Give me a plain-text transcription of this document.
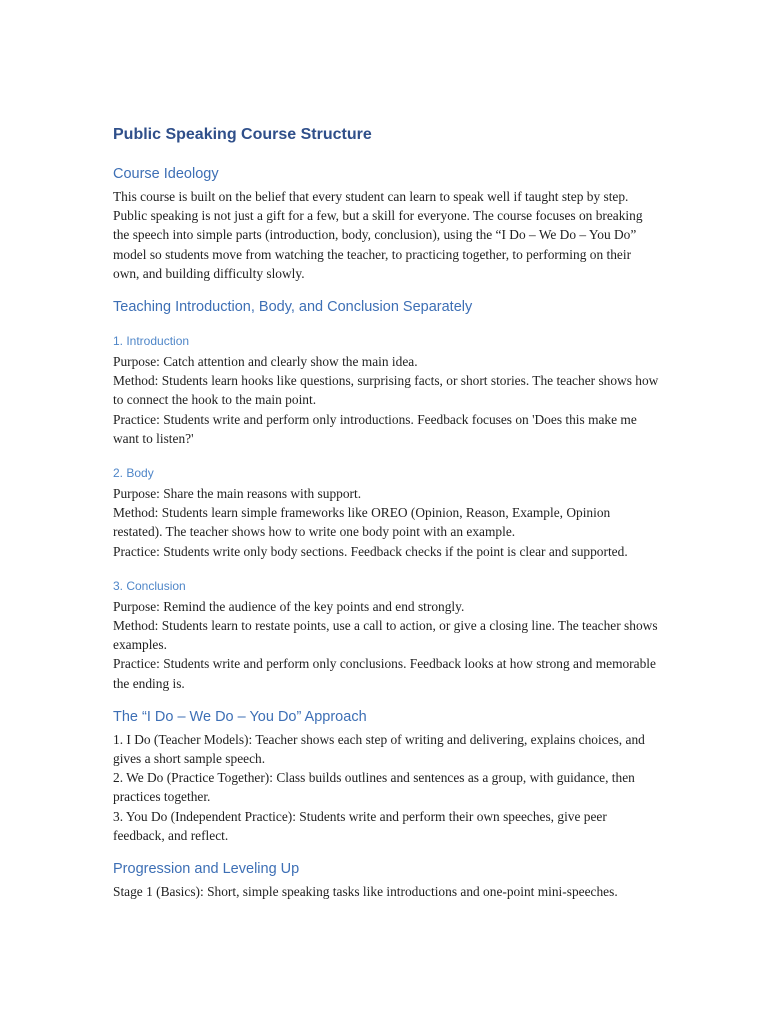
Public Speaking Course Structure
Course Ideology

This course is built on the belief that every student can learn to speak well if taught step by step. Public speaking is not just a gift for a few, but a skill for everyone. The course focuses on breaking the speech into simple parts (introduction, body, conclusion), using the “I Do – We Do – You Do” model so students move from watching the teacher, to practicing together, to performing on their own, and building difficulty slowly.

Teaching Introduction, Body, and Conclusion Separately
1. Introduction

Purpose: Catch attention and clearly show the main idea.

Method: Students learn hooks like questions, surprising facts, or short stories. The teacher shows how to connect the hook to the main point.

Practice: Students write and perform only introductions. Feedback focuses on 'Does this make me want to listen?'

2. Body

Purpose: Share the main reasons with support.

Method: Students learn simple frameworks like OREO (Opinion, Reason, Example, Opinion restated). The teacher shows how to write one body point with an example.

Practice: Students write only body sections. Feedback checks if the point is clear and supported.

3. Conclusion

Purpose: Remind the audience of the key points and end strongly.

Method: Students learn to restate points, use a call to action, or give a closing line. The teacher shows examples.

Practice: Students write and perform only conclusions. Feedback looks at how strong and memorable the ending is.

The “I Do – We Do – You Do” Approach

1. I Do (Teacher Models): Teacher shows each step of writing and delivering, explains choices, and gives a short sample speech.

2. We Do (Practice Together): Class builds outlines and sentences as a group, with guidance, then practices together.

3. You Do (Independent Practice): Students write and perform their own speeches, give peer feedback, and reflect.

Progression and Leveling Up

Stage 1 (Basics): Short, simple speaking tasks like introductions and one-point mini-speeches.
